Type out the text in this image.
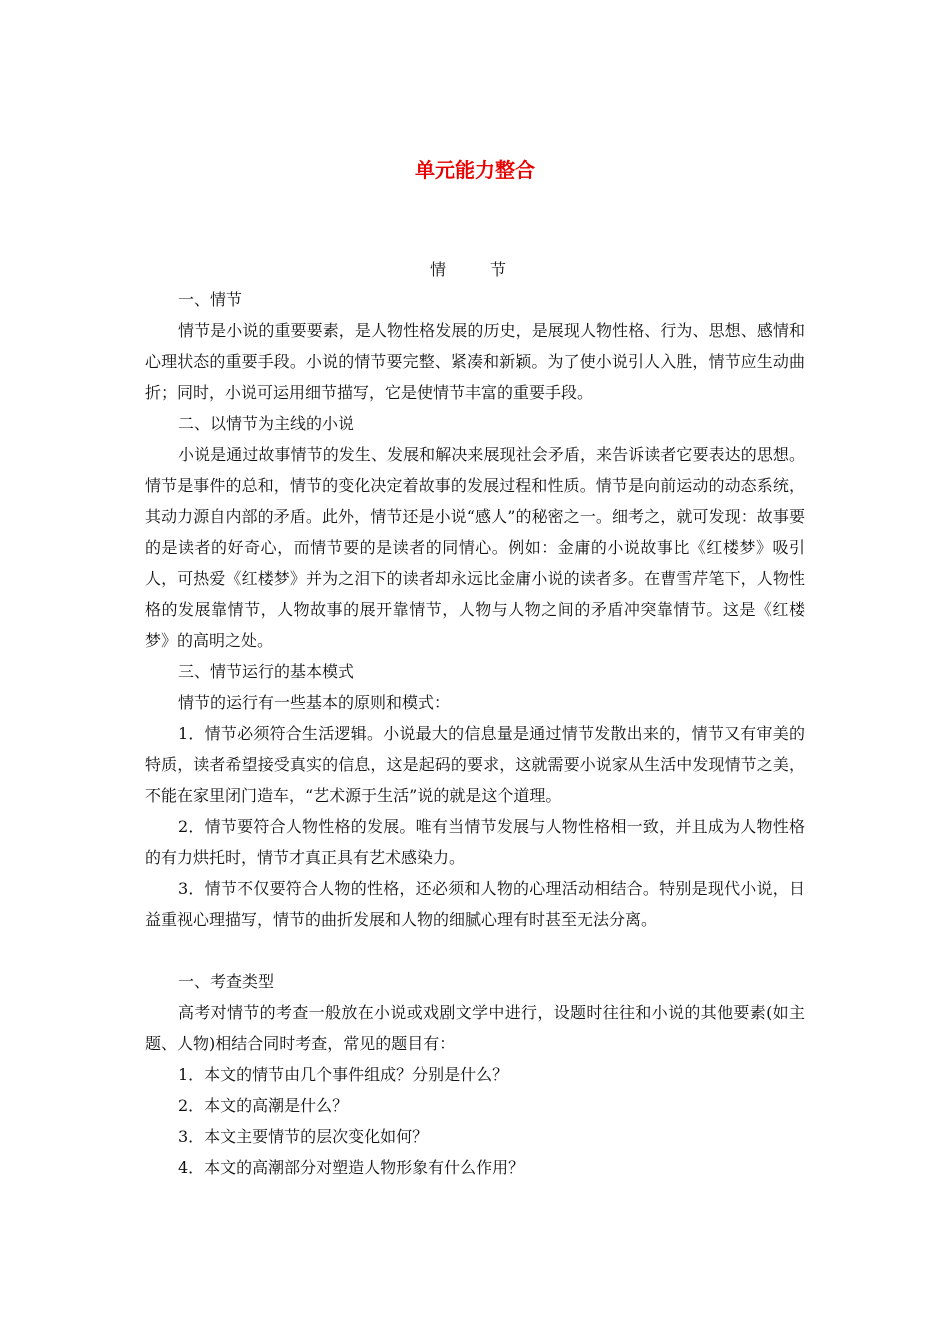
单元能力整合
情　节

一、情节

情节是小说的重要要素，是人物性格发展的历史，是展现人物性格、行为、思想、感情和心理状态的重要手段。小说的情节要完整、紧凑和新颖。为了使小说引人入胜，情节应生动曲折；同时，小说可运用细节描写，它是使情节丰富的重要手段。

二、以情节为主线的小说

小说是通过故事情节的发生、发展和解决来展现社会矛盾，来告诉读者它要表达的思想。情节是事件的总和，情节的变化决定着故事的发展过程和性质。情节是向前运动的动态系统，其动力源自内部的矛盾。此外，情节还是小说“感人”的秘密之一。细考之，就可发现：故事要的是读者的好奇心，而情节要的是读者的同情心。例如：金庸的小说故事比《红楼梦》吸引人，可热爱《红楼梦》并为之泪下的读者却永远比金庸小说的读者多。在曹雪芹笔下，人物性格的发展靠情节，人物故事的展开靠情节，人物与人物之间的矛盾冲突靠情节。这是《红楼梦》的高明之处。

三、情节运行的基本模式

情节的运行有一些基本的原则和模式：

1．情节必须符合生活逻辑。小说最大的信息量是通过情节发散出来的，情节又有审美的特质，读者希望接受真实的信息，这是起码的要求，这就需要小说家从生活中发现情节之美，不能在家里闭门造车，“艺术源于生活”说的就是这个道理。

2．情节要符合人物性格的发展。唯有当情节发展与人物性格相一致，并且成为人物性格的有力烘托时，情节才真正具有艺术感染力。

3．情节不仅要符合人物的性格，还必须和人物的心理活动相结合。特别是现代小说，日益重视心理描写，情节的曲折发展和人物的细腻心理有时甚至无法分离。

一、考查类型

高考对情节的考查一般放在小说或戏剧文学中进行，设题时往往和小说的其他要素(如主题、人物)相结合同时考查，常见的题目有：

1．本文的情节由几个事件组成？分别是什么？

2．本文的高潮是什么？

3．本文主要情节的层次变化如何？

4．本文的高潮部分对塑造人物形象有什么作用？
